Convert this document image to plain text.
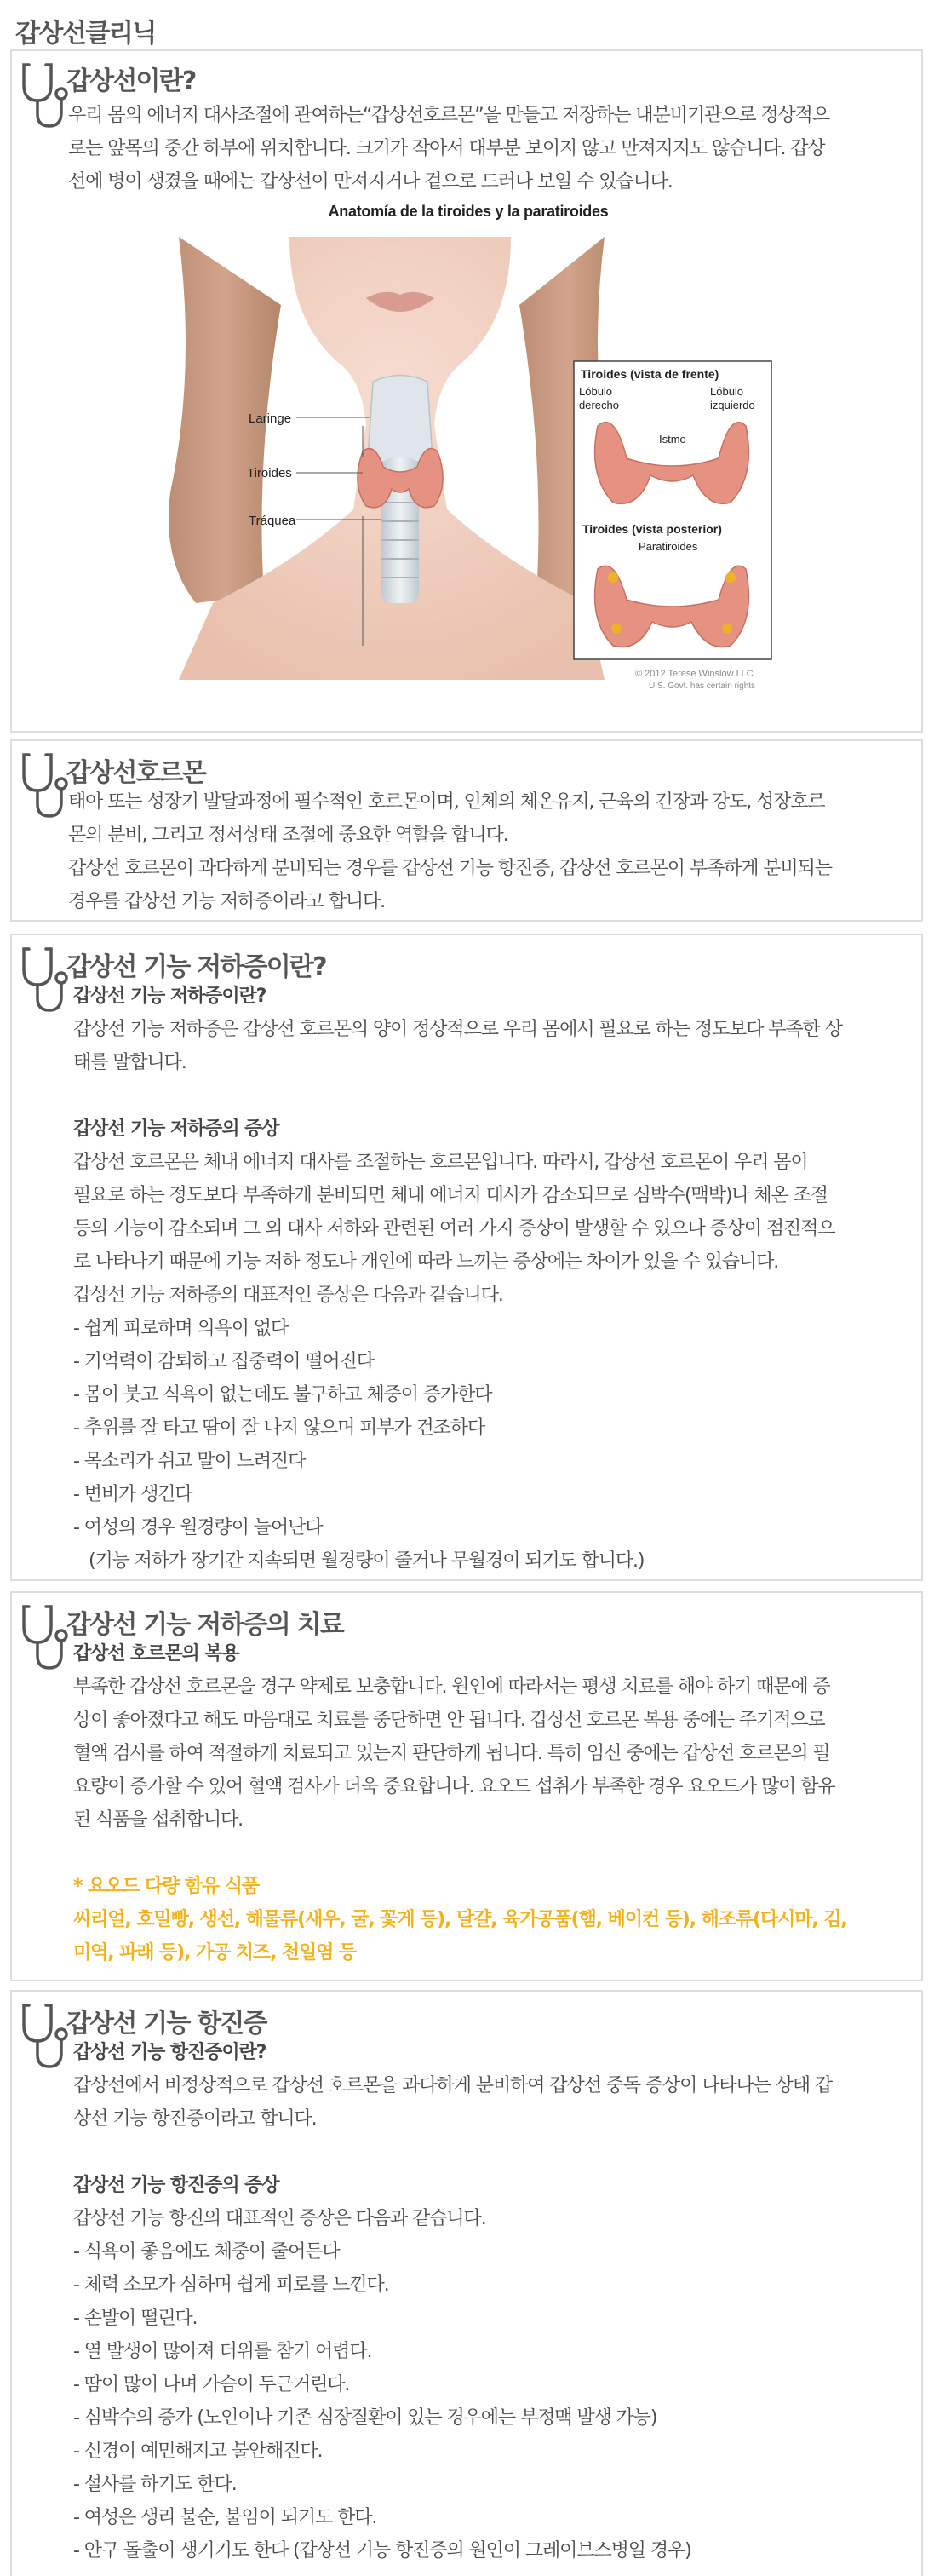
갑상선클리닉
갑상선이란?

우리 몸의 에너지 대사조절에 관여하는“갑상선호르몬”을 만들고 저장하는 내분비기관으로 정상적으

로는 앞목의 중간 하부에 위치합니다. 크기가 작아서 대부분 보이지 않고 만져지지도 않습니다. 갑상

선에 병이 생겼을 때에는 갑상선이 만져지거나 겉으로 드러나 보일 수 있습니다.

Anatomía de la tiroides y la paratiroides
Laringe
Tiroides
Tráquea
Tiroides (vista de frente)
Lóbulo
derecho
Lóbulo
izquierdo
Istmo
Tiroides (vista posterior)
Paratiroides
© 2012 Terese Winslow LLC
U.S. Govt. has certain rights
갑상선호르몬

태아 또는 성장기 발달과정에 필수적인 호르몬이며, 인체의 체온유지, 근육의 긴장과 강도, 성장호르

몬의 분비, 그리고 정서상태 조절에 중요한 역할을 합니다.

갑상선 호르몬이 과다하게 분비되는 경우를 갑상선 기능 항진증, 갑상선 호르몬이 부족하게 분비되는

경우를 갑상선 기능 저하증이라고 합니다.

갑상선 기능 저하증이란?

갑상선 기능 저하증이란?

갑상선 기능 저하증은 갑상선 호르몬의 양이 정상적으로 우리 몸에서 필요로 하는 정도보다 부족한 상

태를 말합니다.

갑상선 기능 저하증의 증상

갑상선 호르몬은 체내 에너지 대사를 조절하는 호르몬입니다. 따라서, 갑상선 호르몬이 우리 몸이

필요로 하는 정도보다 부족하게 분비되면 체내 에너지 대사가 감소되므로 심박수(맥박)나 체온 조절

등의 기능이 감소되며 그 외 대사 저하와 관련된 여러 가지 증상이 발생할 수 있으나 증상이 점진적으

로 나타나기 때문에 기능 저하 정도나 개인에 따라 느끼는 증상에는 차이가 있을 수 있습니다.

갑상선 기능 저하증의 대표적인 증상은 다음과 같습니다.

- 쉽게 피로하며 의욕이 없다

- 기억력이 감퇴하고 집중력이 떨어진다

- 몸이 붓고 식욕이 없는데도 불구하고 체중이 증가한다

- 추위를 잘 타고 땀이 잘 나지 않으며 피부가 건조하다

- 목소리가 쉬고 말이 느려진다

- 변비가 생긴다

- 여성의 경우 월경량이 늘어난다

(기능 저하가 장기간 지속되면 월경량이 줄거나 무월경이 되기도 합니다.)

갑상선 기능 저하증의 치료

갑상선 호르몬의 복용

부족한 갑상선 호르몬을 경구 약제로 보충합니다. 원인에 따라서는 평생 치료를 해야 하기 때문에 증

상이 좋아졌다고 해도 마음대로 치료를 중단하면 안 됩니다. 갑상선 호르몬 복용 중에는 주기적으로

혈액 검사를 하여 적절하게 치료되고 있는지 판단하게 됩니다. 특히 임신 중에는 갑상선 호르몬의 필

요량이 증가할 수 있어 혈액 검사가 더욱 중요합니다. 요오드 섭취가 부족한 경우 요오드가 많이 함유

된 식품을 섭취합니다.

* 요오드 다량 함유 식품

씨리얼, 호밀빵, 생선, 해물류(새우, 굴, 꽃게 등), 달걀, 육가공품(햄, 베이컨 등), 해조류(다시마, 김,

미역, 파래 등), 가공 치즈, 천일염 등

갑상선 기능 항진증

갑상선 기능 항진증이란?

갑상선에서 비정상적으로 갑상선 호르몬을 과다하게 분비하여 갑상선 중독 증상이 나타나는 상태 갑

상선 기능 항진증이라고 합니다.

갑상선 기능 항진증의 증상

갑상선 기능 항진의 대표적인 증상은 다음과 같습니다.

- 식욕이 좋음에도 체중이 줄어든다

- 체력 소모가 심하며 쉽게 피로를 느낀다.

- 손발이 떨린다.

- 열 발생이 많아져 더위를 참기 어렵다.

- 땀이 많이 나며 가슴이 두근거린다.

- 심박수의 증가 (노인이나 기존 심장질환이 있는 경우에는 부정맥 발생 가능)

- 신경이 예민해지고 불안해진다.

- 설사를 하기도 한다.

- 여성은 생리 불순, 불임이 되기도 한다.

- 안구 돌출이 생기기도 한다 (갑상선 기능 항진증의 원인이 그레이브스병일 경우)
